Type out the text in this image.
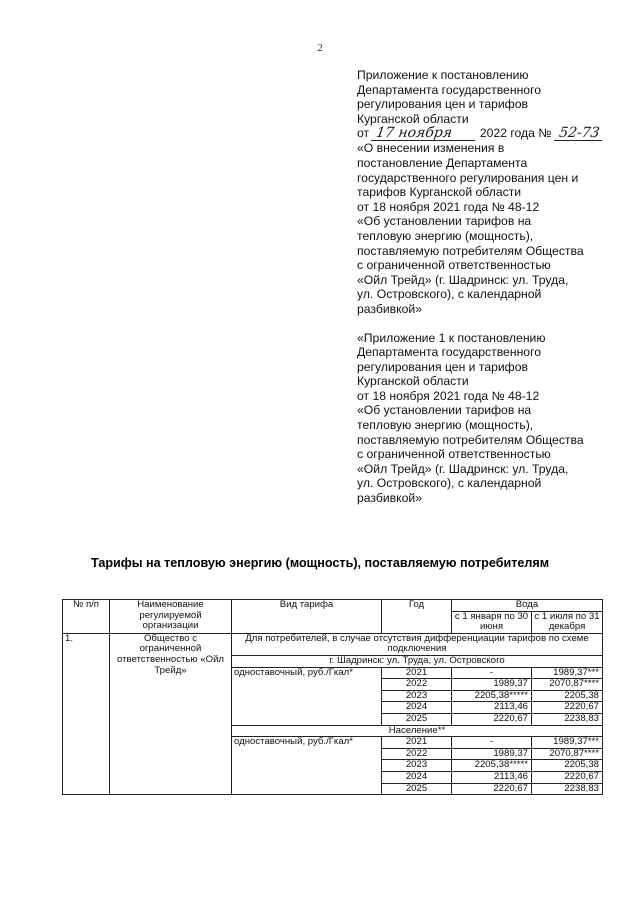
2
Приложение к постановлению
Департамента государственного
регулирования цен и тарифов
Курганской области
от 17 ноября 2022 года № 52-73
«О внесении изменения в
постановление Департамента
государственного регулирования цен и
тарифов Курганской области
от 18 ноября 2021 года № 48-12
«Об установлении тарифов на
тепловую энергию (мощность),
поставляемую потребителям Общества
с ограниченной ответственностью
«Ойл Трейд» (г. Шадринск: ул. Труда,
ул. Островского), с календарной
разбивкой»
«Приложение 1 к постановлению
Департамента государственного
регулирования цен и тарифов
Курганской области
от 18 ноября 2021 года № 48-12
«Об установлении тарифов на
тепловую энергию (мощность),
поставляемую потребителям Общества
с ограниченной ответственностью
«Ойл Трейд» (г. Шадринск: ул. Труда,
ул. Островского), с календарной
разбивкой»
Тарифы на тепловую энергию (мощность), поставляемую потребителям
№ п/п	Наименование регулируемой организации	Вид тарифа	Год	Вода	
				с 1 января по 30 июня	с 1 июля по 31 декабря
1.	Общество с ограниченной ответственностью «Ойл Трейд»	Для потребителей, в случае отсутствия дифференциации тарифов по схеме подключения			
		г. Шадринск: ул. Труда, ул. Островского			
		одноставочный, руб./Гкал*	2021	-	1989,37***
			2022	1989,37	2070,87****
			2023	2205,38*****	2205,38
			2024	2113,46	2220,67
			2025	2220,67	2238,83
		Население**			
		одноставочный, руб./Гкал*	2021	-	1989,37***
			2022	1989,37	2070,87****
			2023	2205,38*****	2205,38
			2024	2113,46	2220,67
			2025	2220,67	2238,83
